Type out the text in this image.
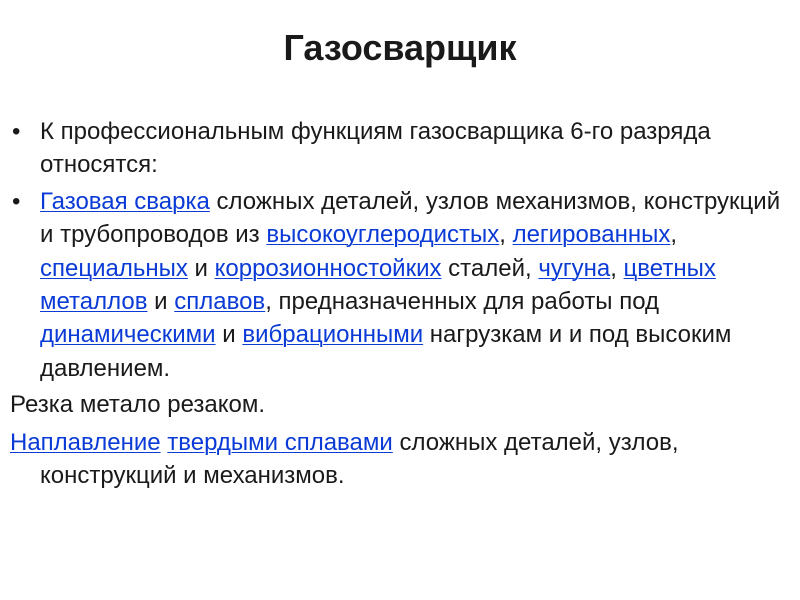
Газосварщик
• К профессиональным функциям газосварщика 6-го разряда относятся:
• Газовая сварка сложных деталей, узлов механизмов, конструкций и трубопроводов из высокоуглеродистых, легированных, специальных и коррозионностойких сталей, чугуна, цветных металлов и сплавов, предназначенных для работы под динамическими и вибрационными нагрузкам и и под высоким давлением.
Резка метало резаком.
Наплавление твердыми сплавами сложных деталей, узлов, конструкций и механизмов.
